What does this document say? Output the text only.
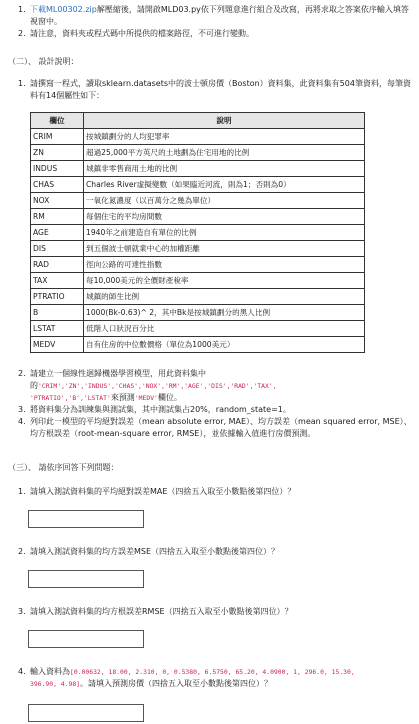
1. 下載ML00302.zip解壓縮後，請開啟MLD03.py依下列題意進行組合及改寫，再將求取之答案依序輸入填答視窗中。
2. 請注意，資料夾或程式碼中所提供的檔案路徑，不可進行變動。
（二）、 設計說明：
1. 請撰寫一程式，讀取sklearn.datasets中的波士頓房價（Boston）資料集，此資料集有504筆資料，每筆資料有14個屬性如下：
欄位	說明
CRIM	按城鎮劃分的人均犯罪率
ZN	超過25,000平方英尺的土地劃為住宅用地的比例
INDUS	城鎮非零售商用土地的比例
CHAS	Charles River虛擬變數（如果臨近河流，則為1；否則為0）
NOX	一氧化氮濃度（以百萬分之幾為單位）
RM	每個住宅的平均房間數
AGE	1940年之前建造自有單位的比例
DIS	到五個波士頓就業中心的加權距離
RAD	徑向公路的可達性指數
TAX	每10,000美元的全價財產稅率
PTRATIO	城鎮的師生比例
B	1000(Bk-0.63)^ 2，其中Bk是按城鎮劃分的黑人比例
LSTAT	低階人口狀況百分比
MEDV	自有住房的中位數價格（單位為1000美元）
2. 請建立一個線性迴歸機器學習模型，用此資料集中
的'CRIM','ZN','INDUS','CHAS','NOX','RM','AGE','DIS','RAD','TAX',
'PTRATIO','B','LSTAT'來預測'MEDV'欄位。
3. 將資料集分為訓練集與測試集，其中測試集占20%，random_state=1。
4. 列印此一模型的平均絕對誤差（mean absolute error, MAE）、均方誤差（mean squared error, MSE）、均方根誤差（root-mean-square error, RMSE），並依據輸入值進行房價預測。
（三）、 請依序回答下列問題：
1. 請填入測試資料集的平均絕對誤差MAE（四捨五入取至小數點後第四位）？
2. 請填入測試資料集的均方誤差MSE（四捨五入取至小數點後第四位）？
3. 請填入測試資料集的均方根誤差RMSE（四捨五入取至小數點後第四位）？
4. 輸入資料為[0.00632, 18.00, 2.310, 0, 0.5380, 6.5750, 65.20, 4.0900, 1, 296.0, 15.30,
396.90, 4.98]。請填入預測房價（四捨五入取至小數點後第四位）？
